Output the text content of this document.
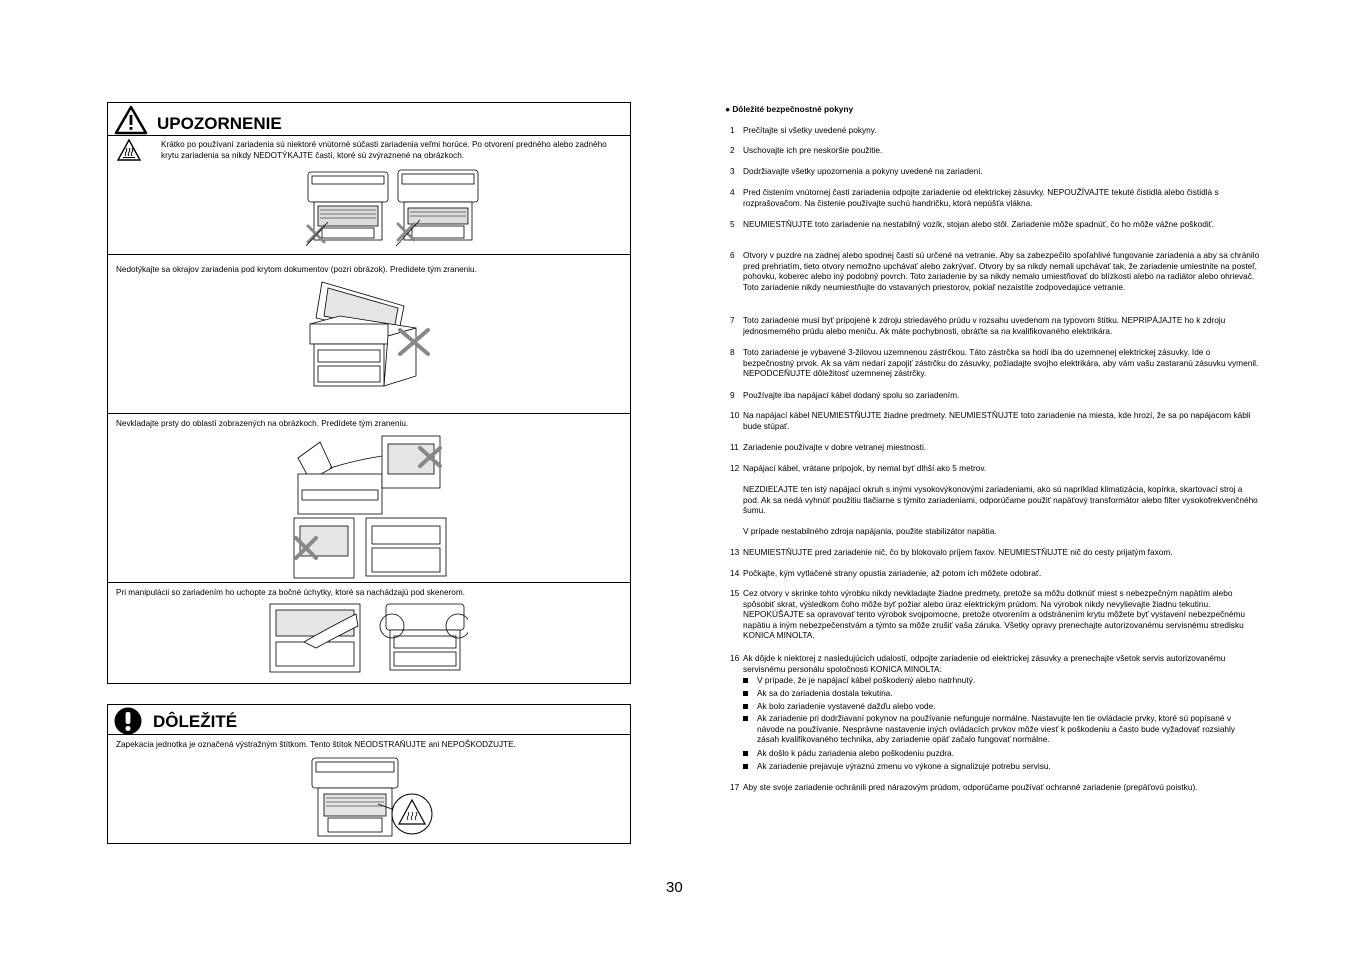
UPOZORNENIE
Krátko po používaní zariadenia sú niektoré vnútorné súčasti zariadenia veľmi horúce. Po otvorení predného alebo zadného krytu zariadenia sa nikdy NEDOTÝKAJTE častí, ktoré sú zvýraznené na obrázkoch.
Nedotýkajte sa okrajov zariadenia pod krytom dokumentov (pozri obrázok). Predídete tým zraneniu.
Nevkladajte prsty do oblastí zobrazených na obrázkoch. Predídete tým zraneniu.
Pri manipulácii so zariadením ho uchopte za bočné úchytky, ktoré sa nachádzajú pod skenerom.
DÔLEŽITÉ
Zapekacia jednotka je označená výstražným štítkom. Tento štítok NEODSTRAŇUJTE ani NEPOŠKODZUJTE.
● Dôležité bezpečnostné pokyny
1 Prečítajte si všetky uvedené pokyny.
2 Uschovajte ich pre neskoršie použitie.
3 Dodržiavajte všetky upozornenia a pokyny uvedené na zariadení.
4 Pred čistením vnútornej časti zariadenia odpojte zariadenie od elektrickej zásuvky. NEPOUŽÍVAJTE tekuté čistidlá alebo čistidlá s rozprašovačom. Na čistenie používajte suchú handričku, ktorá nepúšťa vlákna.
5 NEUMIESTŇUJTE toto zariadenie na nestabilný vozík, stojan alebo stôl. Zariadenie môže spadnúť, čo ho môže vážne poškodiť.
6 Otvory v puzdre na zadnej alebo spodnej časti sú určené na vetranie. Aby sa zabezpečilo spoľahlivé fungovanie zariadenia a aby sa chránilo pred prehriatím, tieto otvory nemožno upchávať alebo zakrývať. Otvory by sa nikdy nemali upchávať tak, že zariadenie umiestnite na posteľ, pohovku, koberec alebo iný podobný povrch. Toto zariadenie by sa nikdy nemalo umiestňovať do blízkosti alebo na radiátor alebo ohrievač. Toto zariadenie nikdy neumiestňujte do vstavaných priestorov, pokiaľ nezaistíte zodpovedajúce vetranie.
7 Toto zariadenie musí byť pripojené k zdroju striedavého prúdu v rozsahu uvedenom na typovom štítku. NEPRIPÁJAJTE ho k zdroju jednosmerného prúdu alebo meniču. Ak máte pochybnosti, obráťte sa na kvalifikovaného elektrikára.
8 Toto zariadenie je vybavené 3-žilovou uzemnenou zástrčkou. Táto zástrčka sa hodí iba do uzemnenej elektrickej zásuvky. Ide o bezpečnostný prvok. Ak sa vám nedarí zapojiť zástrčku do zásuvky, požiadajte svojho elektrikára, aby vám vašu zastaranú zásuvku vymenil. NEPODCEŇUJTE dôležitosť uzemnenej zástrčky.
9 Používajte iba napájací kábel dodaný spolu so zariadením.
10 Na napájací kábel NEUMIESTŇUJTE žiadne predmety. NEUMIESTŇUJTE toto zariadenie na miesta, kde hrozí, že sa po napájacom kábli bude stúpať.
11 Zariadenie používajte v dobre vetranej miestnosti.
12 Napájací kábel, vrátane prípojok, by nemal byť dlhší ako 5 metrov.
NEZDIEĽAJTE ten istý napájací okruh s inými vysokovýkonovými zariadeniami, ako sú napríklad klimatizácia, kopírka, skartovací stroj a pod. Ak sa nedá vyhnúť použitiu tlačiarne s týmito zariadeniami, odporúčame použiť napäťový transformátor alebo filter vysokofrekvenčného šumu.
V prípade nestabilného zdroja napájania, použite stabilizátor napätia.
13 NEUMIESTŇUJTE pred zariadenie nič, čo by blokovalo príjem faxov. NEUMIESTŇUJTE nič do cesty prijatým faxom.
14 Počkajte, kým vytlačené strany opustia zariadenie, až potom ich môžete odobrať.
15 Cez otvory v skrinke tohto výrobku nikdy nevkladajte žiadne predmety, pretože sa môžu dotknúť miest s nebezpečným napätím alebo spôsobiť skrat, výsledkom čoho môže byť požiar alebo úraz elektrickým prúdom. Na výrobok nikdy nevylievajte žiadnu tekutinu. NEPOKÚŠAJTE sa opravovať tento výrobok svojpomocne, pretože otvorením a odstránením krytu môžete byť vystavení nebezpečnému napätiu a iným nebezpečenstvám a týmto sa môže zrušiť vaša záruka. Všetky opravy prenechajte autorizovanému servisnému stredisku KONICA MINOLTA.
16 Ak dôjde k niektorej z nasledujúcich udalostí, odpojte zariadenie od elektrickej zásuvky a prenechajte všetok servis autorizovanému servisnému personálu spoločnosti KONICA MINOLTA:
V prípade, že je napájací kábel poškodený alebo natrhnutý.
Ak sa do zariadenia dostala tekutina.
Ak bolo zariadenie vystavené dažďu alebo vode.
Ak zariadenie pri dodržiavaní pokynov na používanie nefunguje normálne. Nastavujte len tie ovládacie prvky, ktoré sú popísané v návode na používanie. Nesprávne nastavenie iných ovládacích prvkov môže viesť k poškodeniu a často bude vyžadovať rozsiahly zásah kvalifikovaného technika, aby zariadenie opäť začalo fungovať normálne.
Ak došlo k pádu zariadenia alebo poškodeniu puzdra.
Ak zariadenie prejavuje výraznú zmenu vo výkone a signalizuje potrebu servisu.
17 Aby ste svoje zariadenie ochránili pred nárazovým prúdom, odporúčame používať ochranné zariadenie (prepäťovú poistku).
30
